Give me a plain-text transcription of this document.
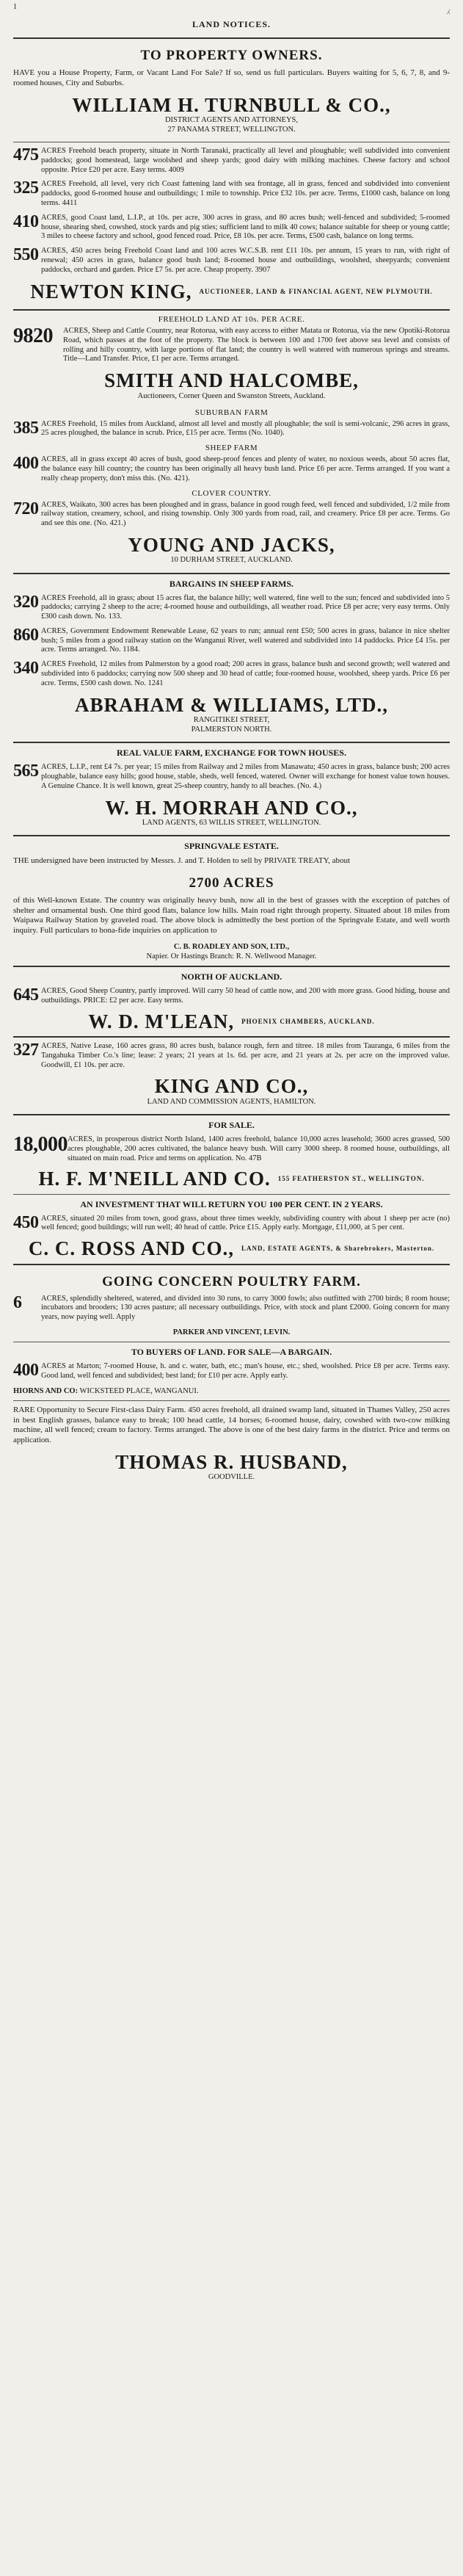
1	⁁
LAND NOTICES.
TO PROPERTY OWNERS.

HAVE you a House Property, Farm, or Vacant Land For Sale? If so, send us full particulars. Buyers waiting for 5, 6, 7, 8, and 9-roomed houses, City and Suburbs.

WILLIAM H. TURNBULL & CO.,
DISTRICT AGENTS AND ATTORNEYS,
27 PANAMA STREET, WELLINGTON.
475 ACRES Freehold beach property, situate in North Taranaki, practically all level and ploughable; well subdivided into convenient paddocks; good homestead, large woolshed and sheep yards; good dairy with milking machines. Cheese factory and school opposite. Price £20 per acre. Easy terms. 4009
325 ACRES Freehold, all level, very rich Coast fattening land with sea frontage, all in grass, fenced and subdivided into convenient paddocks, good 6-roomed house and outbuildings; 1 mile to township. Price £32 10s. per acre. Terms, £1000 cash, balance on long terms. 4411
410 ACRES, good Coast land, L.I.P., at 10s. per acre, 300 acres in grass, and 80 acres bush; well-fenced and subdivided; 5-roomed house, shearing shed, cowshed, stock yards and pig sties; sufficient land to milk 40 cows; balance suitable for sheep or young cattle; 3 miles to cheese factory and school, good fenced road. Price, £8 10s. per acre. Terms, £500 cash, balance on long terms.
550 ACRES, 450 acres being Freehold Coast land and 100 acres W.C.S.B. rent £11 10s. per annum, 15 years to run, with right of renewal; 450 acres in grass, balance good bush land; 8-roomed house and outbuildings, woolshed, sheepyards; convenient paddocks, orchard and garden. Price £7 5s. per acre. Cheap property. 3907
NEWTON KING, AUCTIONEER, LAND & FINANCIAL AGENT, NEW PLYMOUTH.
FREEHOLD LAND AT 10s. PER ACRE.
9820	ACRES, Sheep and Cattle Country, near Rotorua, with easy access to either Matata or Rotorua, via the new Opotiki-Rotorua Road, which passes at the foot of the property. The block is between 100 and 1700 feet above sea level and consists of rolling and hilly country, with large portions of flat land; the country is well watered with numerous springs and streams. Title—Land Transfer. Price, £1 per acre. Terms arranged.
SMITH AND HALCOMBE,
Auctioneers, Corner Queen and Swanston Streets, Auckland.
SUBURBAN FARM
385 ACRES Freehold, 15 miles from Auckland, almost all level and mostly all ploughable; the soil is semi-volcanic, 296 acres in grass, 25 acres ploughed, the balance in scrub. Price, £15 per acre. Terms (No. 1040).
SHEEP FARM
400 ACRES, all in grass except 40 acres of bush, good sheep-proof fences and plenty of water, no noxious weeds, about 50 acres flat, the balance easy hill country; the country has been originally all heavy bush land. Price £6 per acre. Terms arranged. If you want a really cheap property, don't miss this. (No. 421).
CLOVER COUNTRY.
720 ACRES, Waikato, 300 acres has been ploughed and in grass, balance in good rough feed, well fenced and subdivided, 1/2 mile from railway station, creamery, school, and rising township. Only 300 yards from road, rail, and creamery. Price £8 per acre. Terms. Go and see this one. (No. 421.)
YOUNG AND JACKS,
10 DURHAM STREET, AUCKLAND.
BARGAINS IN SHEEP FARMS.
320 ACRES Freehold, all in grass; about 15 acres flat, the balance hilly; well watered, fine well to the sun; fenced and subdivided into 5 paddocks; carrying 2 sheep to the acre; 4-roomed house and outbuildings, all weather road. Price £8 per acre; very easy terms. Only £300 cash down. No. 133.
860 ACRES, Government Endowment Renewable Lease, 62 years to run; annual rent £50; 500 acres in grass, balance in nice shelter bush; 5 miles from a good railway station on the Wanganui River, well watered and subdivided into 14 paddocks. Price £4 15s. per acre. Terms arranged. No. 1184.
340 ACRES Freehold, 12 miles from Palmerston by a good road; 200 acres in grass, balance bush and second growth; well watered and subdivided into 6 paddocks; carrying now 500 sheep and 30 head of cattle; four-roomed house, woolshed, sheep yards. Price £6 per acre. Terms, £500 cash down. No. 1241
ABRAHAM & WILLIAMS, LTD.,
RANGITIKEI STREET,
PALMERSTON NORTH.
REAL VALUE FARM, EXCHANGE FOR TOWN HOUSES.
565 ACRES, L.I.P., rent £4 7s. per year; 15 miles from Railway and 2 miles from Manawatu; 450 acres in grass, balance bush; 200 acres ploughable, balance easy hills; good house, stable, sheds, well fenced, watered. Owner will exchange for honest value town houses. A Genuine Chance. It is well known, great 25-sheep country, handy to all beaches. (No. 4.)
W. H. MORRAH AND CO.,
LAND AGENTS, 63 WILLIS STREET, WELLINGTON.
SPRINGVALE ESTATE.

THE undersigned have been instructed by Messrs. J. and T. Holden to sell by PRIVATE TREATY, about

2700 ACRES

of this Well-known Estate. The country was originally heavy bush, now all in the best of grasses with the exception of patches of shelter and ornamental bush. One third good flats, balance low hills. Main road right through property. Situated about 18 miles from Waipawa Railway Station by graveled road. The above block is admittedly the best portion of the Springvale Estate, and well worth inquiry. Full particulars to bona-fide inquiries on application to

C. B. ROADLEY AND SON, LTD.,
Napier. Or Hastings Branch: R. N. Wellwood Manager.
NORTH OF AUCKLAND.
645 ACRES, Good Sheep Country, partly improved. Will carry 50 head of cattle now, and 200 with more grass. Good hiding, house and outbuildings. PRICE: £2 per acre. Easy terms.
W. D. M'LEAN, PHOENIX CHAMBERS, AUCKLAND.
327 ACRES, Native Lease, 160 acres grass, 80 acres bush, balance rough, fern and titree. 18 miles from Tauranga, 6 miles from the Tangahuka Timber Co.'s line; lease: 2 years; 21 years at 1s. 6d. per acre, and 21 years at 2s. per acre on the improved value. Goodwill, £1 10s. per acre.
KING AND CO.,
LAND AND COMMISSION AGENTS, HAMILTON.
FOR SALE.
18,000 ACRES, in prosperous district North Island, 1400 acres freehold, balance 10,000 acres leasehold; 3600 acres grassed, 500 acres ploughable, 200 acres cultivated, the balance heavy bush. Will carry 3000 sheep. 8 roomed house, outbuildings, all situated on main road. Price and terms on application. No. 47B
H. F. M'NEILL AND CO. 155 FEATHERSTON ST., WELLINGTON.
AN INVESTMENT THAT WILL RETURN YOU 100 PER CENT. IN 2 YEARS.
450 ACRES, situated 20 miles from town, good grass, about three times weekly, subdividing country with about 1 sheep per acre (no) well fenced; good buildings; will run well; 40 head of cattle. Price £15. Apply early. Mortgage, £11,000, at 5 per cent.
C. C. ROSS AND CO., LAND, ESTATE AGENTS, & Sharebrokers, Masterton.
GOING CONCERN POULTRY FARM.
6	ACRES, splendidly sheltered, watered, and divided into 30 runs, to carry 3000 fowls; also outfitted with 2700 birds; 8 room house; incubators and brooders; 130 acres pasture; all necessary outbuildings. Price, with stock and plant £2000. Going concern for many years, now paying well. Apply
PARKER AND VINCENT, LEVIN.
TO BUYERS OF LAND. FOR SALE—A BARGAIN.
400 ACRES at Marton; 7-roomed House, h. and c. water, bath, etc.; man's house, etc.; shed, woolshed. Price £8 per acre. Terms easy. Good land, well fenced and subdivided; best land; for £10 per acre. Apply early.
HIORNS AND CO: WICKSTEED PLACE, WANGANUI.

RARE Opportunity to Secure First-class Dairy Farm. 450 acres freehold, all drained swamp land, situated in Thames Valley, 250 acres in best English grasses, balance easy to break; 100 head cattle, 14 horses; 6-roomed house, dairy, cowshed with two-cow milking machine, all well fenced; cream to factory. Terms arranged. The above is one of the best dairy farms in the district. Price and terms on application.

THOMAS R. HUSBAND,
GOODVILLE.
